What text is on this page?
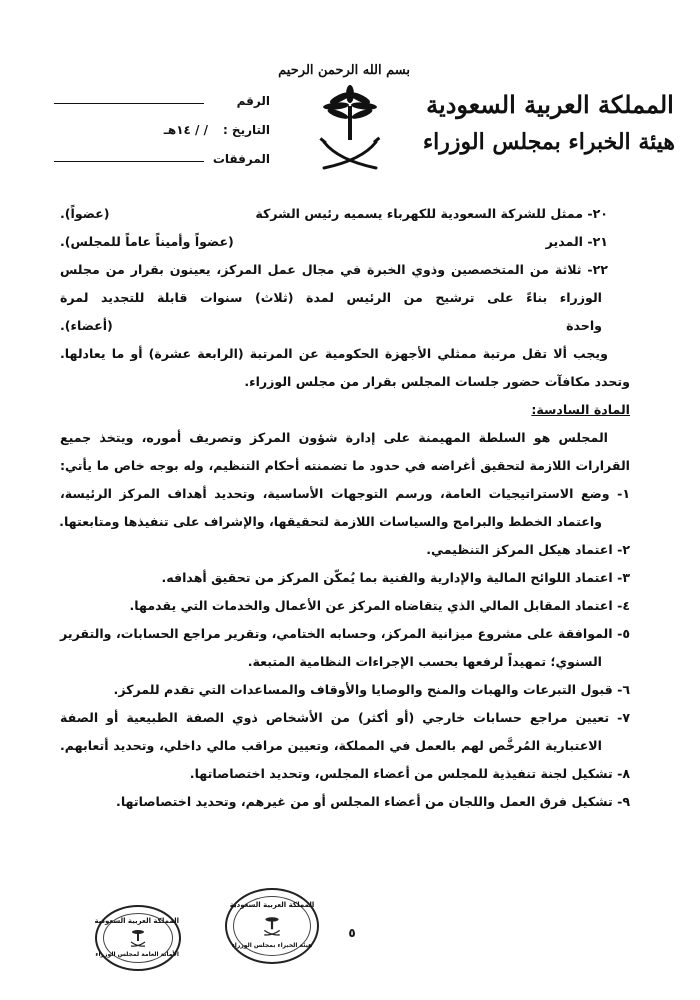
بسم الله الرحمن الرحيم
المملكة العربية السعودية
هيئة الخبراء بمجلس الوزراء
الرقم
التاريخ :
/ / ١٤هـ
المرفقات
٢٠- ممثل للشركة السعودية للكهرباء يسميه رئيس الشركة
(عضواً).
٢١- المدير
(عضواً وأميناً عاماً للمجلس).
٢٢- ثلاثة من المتخصصين وذوي الخبرة في مجال عمل المركز، يعينون بقرار من مجلس
الوزراء بناءً على ترشيح من الرئيس لمدة (ثلاث) سنوات قابلة للتجديد لمرة
واحدة
(أعضاء).
ويجب ألا تقل مرتبة ممثلي الأجهزة الحكومية عن المرتبة (الرابعة عشرة) أو ما يعادلها.
وتحدد مكافآت حضور جلسات المجلس بقرار من مجلس الوزراء.
المادة السادسة:
المجلس هو السلطة المهيمنة على إدارة شؤون المركز وتصريف أموره، ويتخذ جميع
القرارات اللازمة لتحقيق أغراضه في حدود ما تضمنته أحكام التنظيم، وله بوجه خاص ما يأتي:
١- وضع الاستراتيجيات العامة، ورسم التوجهات الأساسية، وتحديد أهداف المركز الرئيسة،
واعتماد الخطط والبرامج والسياسات اللازمة لتحقيقها، والإشراف على تنفيذها ومتابعتها.
٢- اعتماد هيكل المركز التنظيمي.
٣- اعتماد اللوائح المالية والإدارية والفنية بما يُمكّن المركز من تحقيق أهدافه.
٤- اعتماد المقابل المالي الذي يتقاضاه المركز عن الأعمال والخدمات التي يقدمها.
٥- الموافقة على مشروع ميزانية المركز، وحسابه الختامي، وتقرير مراجع الحسابات، والتقرير
السنوي؛ تمهيداً لرفعها بحسب الإجراءات النظامية المتبعة.
٦- قبول التبرعات والهبات والمنح والوصايا والأوقاف والمساعدات التي تقدم للمركز.
٧- تعيين مراجع حسابات خارجي (أو أكثر) من الأشخاص ذوي الصفة الطبيعية أو الصفة
الاعتبارية المُرخَّص لهم بالعمل في المملكة، وتعيين مراقب مالي داخلي، وتحديد أتعابهم.
٨- تشكيل لجنة تنفيذية للمجلس من أعضاء المجلس، وتحديد اختصاصاتها.
٩- تشكيل فرق العمل واللجان من أعضاء المجلس أو من غيرهم، وتحديد اختصاصاتها.
المملكة العربية السعودية
الأمانة العامة لمجلس الوزراء
المملكة العربية السعودية
هيئة الخبراء بمجلس الوزراء
٥
